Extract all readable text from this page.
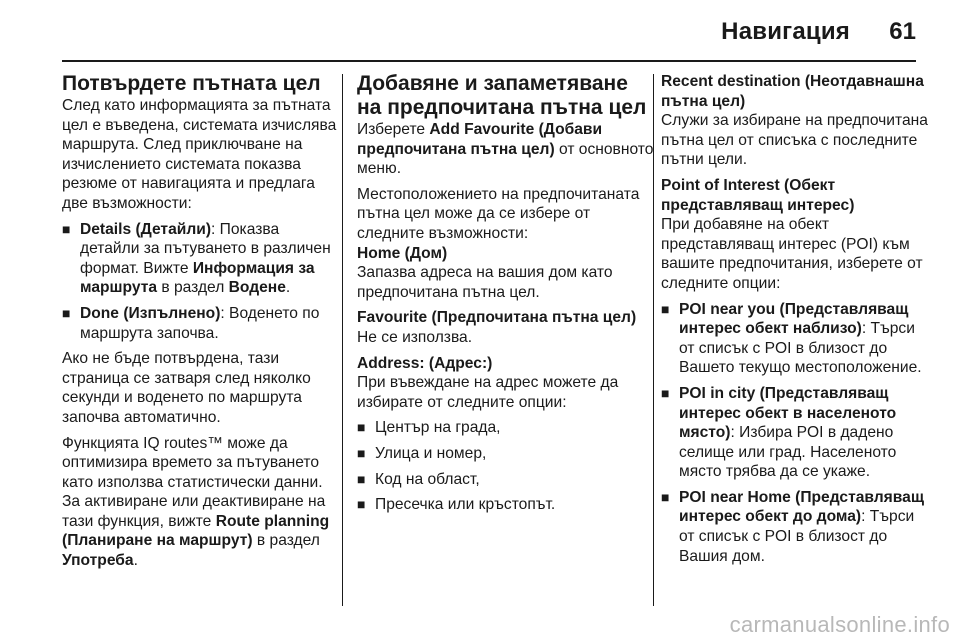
Навигация 61
Потвърдете пътната цел

След като информацията за пътната цел е въведена, системата изчислява маршрута. След приключване на изчислението системата показва резюме от навигацията и предлага две възможности:

■ Details (Детайли): Показва детайли за пътуването в различен формат. Вижте Информация за маршрута в раздел Водене.
■ Done (Изпълнено): Воденето по маршрута започва.

Ако не бъде потвърдена, тази страница се затваря след няколко секунди и воденето по маршрута започва автоматично.

Функцията IQ routes™ може да оптимизира времето за пътуването като използва статистически данни. За активиране или деактивиране на тази функция, вижте Route planning (Планиране на маршрут) в раздел Употреба.

Добавяне и запаметяване на предпочитана пътна цел

Изберете Add Favourite (Добави предпочитана пътна цел) от основното меню.

Местоположението на предпочитаната пътна цел може да се избере от следните възможности:

Home (Дом)

Запазва адреса на вашия дом като предпочитана пътна цел.

Favourite (Предпочитана пътна цел)

Не се използва.

Address: (Адрес:)

При въвеждане на адрес можете да избирате от следните опции:

■ Център на града,
■ Улица и номер,
■ Код на област,
■ Пресечка или кръстопът.
Recent destination (Неотдавнашна пътна цел)

Служи за избиране на предпочитана пътна цел от списъка с последните пътни цели.

Point of Interest (Обект представляващ интерес)

При добавяне на обект представляващ интерес (POI) към вашите предпочитания, изберете от следните опции:

■ POI near you (Представляващ интерес обект наблизо): Търси от списък с POI в близост до Вашето текущо местоположение.
■ POI in city (Представляващ интерес обект в населеното място): Избира POI в дадено селище или град. Населеното място трябва да се укаже.
■ POI near Home (Представляващ интерес обект до дома): Търси от списък с POI в близост до Вашия дом.
carmanualsonline.info
